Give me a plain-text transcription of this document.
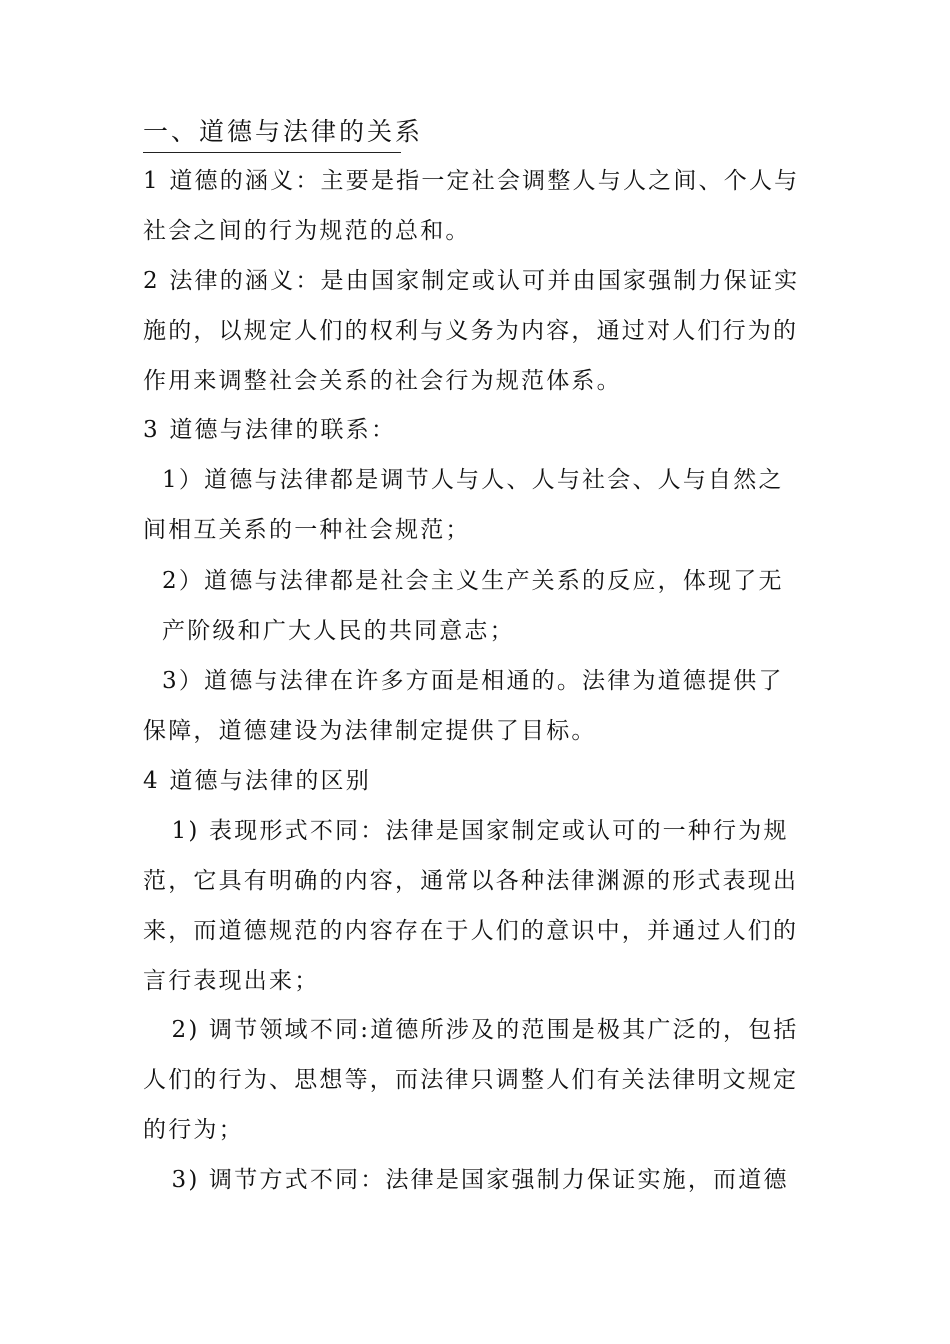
一、道德与法律的关系
1 道德的涵义：主要是指一定社会调整人与人之间、个人与
社会之间的行为规范的总和。
2 法律的涵义：是由国家制定或认可并由国家强制力保证实
施的，以规定人们的权利与义务为内容，通过对人们行为的
作用来调整社会关系的社会行为规范体系。
3 道德与法律的联系：
1）道德与法律都是调节人与人、人与社会、人与自然之
间相互关系的一种社会规范；
2）道德与法律都是社会主义生产关系的反应，体现了无
产阶级和广大人民的共同意志；
3）道德与法律在许多方面是相通的。法律为道德提供了
保障，道德建设为法律制定提供了目标。
4 道德与法律的区别
1) 表现形式不同：法律是国家制定或认可的一种行为规
范，它具有明确的内容，通常以各种法律渊源的形式表现出
来，而道德规范的内容存在于人们的意识中，并通过人们的
言行表现出来；
2) 调节领域不同:道德所涉及的范围是极其广泛的，包括
人们的行为、思想等，而法律只调整人们有关法律明文规定
的行为；
3) 调节方式不同：法律是国家强制力保证实施，而道德
